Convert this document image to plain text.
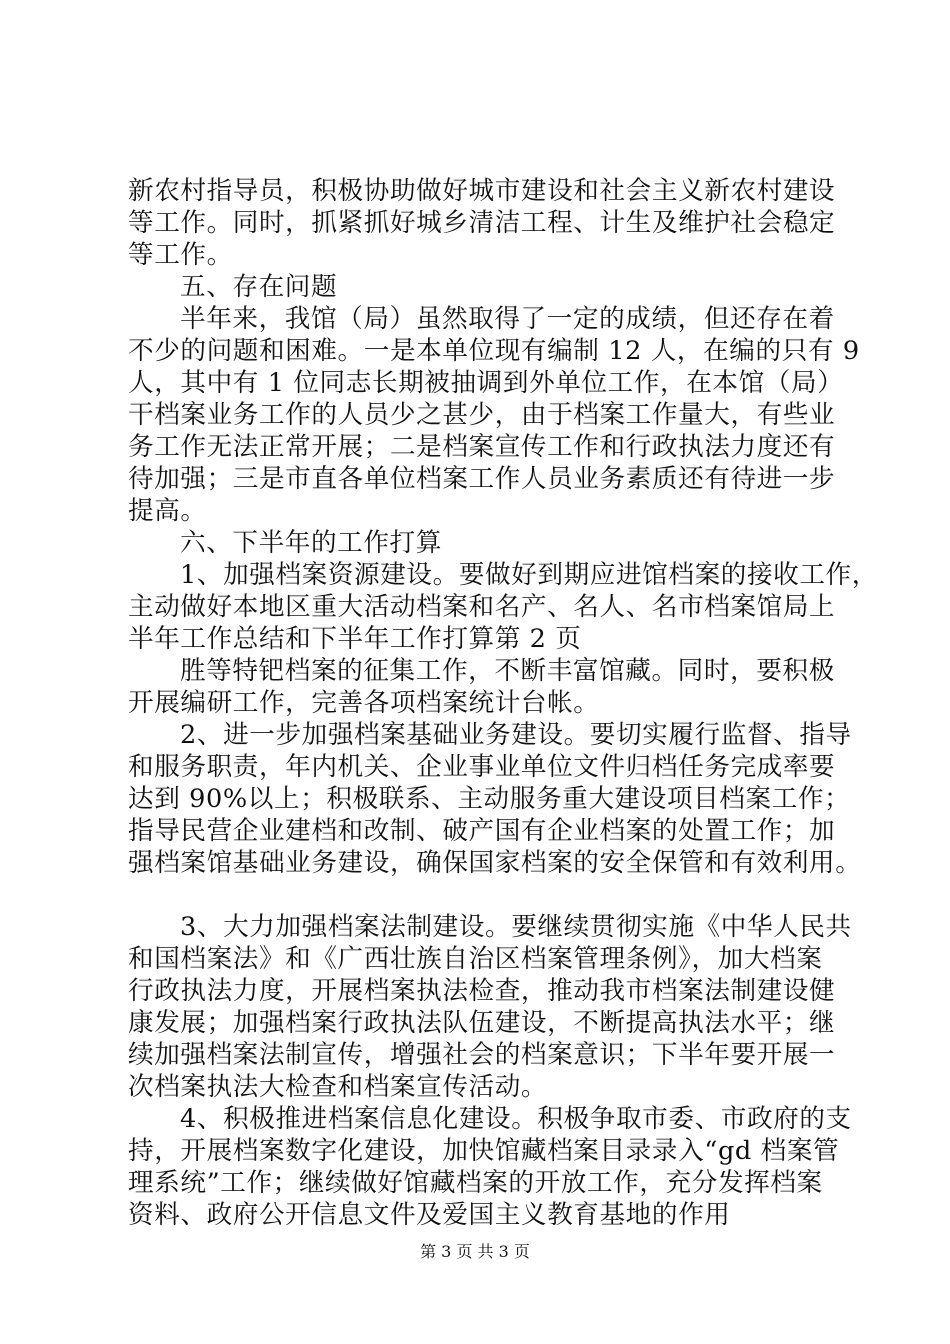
新农村指导员，积极协助做好城市建设和社会主义新农村建设
等工作。同时，抓紧抓好城乡清洁工程、计生及维护社会稳定
等工作。
五、存在问题
半年来，我馆（局）虽然取得了一定的成绩，但还存在着
不少的问题和困难。一是本单位现有编制 12 人，在编的只有 9
人，其中有 1 位同志长期被抽调到外单位工作，在本馆（局）
干档案业务工作的人员少之甚少，由于档案工作量大，有些业
务工作无法正常开展；二是档案宣传工作和行政执法力度还有
待加强；三是市直各单位档案工作人员业务素质还有待进一步
提高。
六、下半年的工作打算
1、加强档案资源建设。要做好到期应进馆档案的接收工作，
主动做好本地区重大活动档案和名产、名人、名市档案馆局上
半年工作总结和下半年工作打算第 2 页
胜等特钯档案的征集工作，不断丰富馆藏。同时，要积极
开展编研工作，完善各项档案统计台帐。
2、进一步加强档案基础业务建设。要切实履行监督、指导
和服务职责，年内机关、企业事业单位文件归档任务完成率要
达到 90%以上；积极联系、主动服务重大建设项目档案工作；
指导民营企业建档和改制、破产国有企业档案的处置工作；加
强档案馆基础业务建设，确保国家档案的安全保管和有效利用。
3、大力加强档案法制建设。要继续贯彻实施《中华人民共
和国档案法》和《广西壮族自治区档案管理条例》，加大档案
行政执法力度，开展档案执法检查，推动我市档案法制建设健
康发展；加强档案行政执法队伍建设，不断提高执法水平；继
续加强档案法制宣传，增强社会的档案意识；下半年要开展一
次档案执法大检查和档案宣传活动。
4、积极推进档案信息化建设。积极争取市委、市政府的支
持，开展档案数字化建设，加快馆藏档案目录录入“gd 档案管
理系统”工作；继续做好馆藏档案的开放工作，充分发挥档案
资料、政府公开信息文件及爱国主义教育基地的作用
第 3 页 共 3 页
